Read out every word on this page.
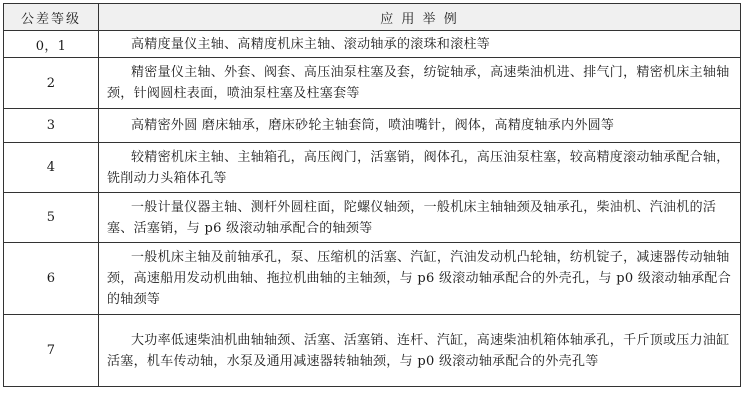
公差等级	应 用 举 例
0，1	高精度量仪主轴、高精度机床主轴、滚动轴承的滚珠和滚柱等

2	精密量仪主轴、外套、阀套、高压油泵柱塞及套，纺锭轴承，高速柴油机进、排气门，精密机床主轴轴颈，针阀圆柱表面，喷油泵柱塞及柱塞套等

3	高精密外圆 磨床轴承，磨床砂轮主轴套筒，喷油嘴针，阀体，高精度轴承内外圆等

4	较精密机床主轴、主轴箱孔，高压阀门，活塞销，阀体孔，高压油泵柱塞，较高精度滚动轴承配合轴，铣削动力头箱体孔等

5	一般计量仪器主轴、测杆外圆柱面，陀螺仪轴颈，一般机床主轴轴颈及轴承孔，柴油机、汽油机的活塞、活塞销，与 p6 级滚动轴承配合的轴颈等

6	一般机床主轴及前轴承孔，泵、压缩机的活塞、汽缸，汽油发动机凸轮轴，纺机锭子，减速器传动轴轴颈，高速船用发动机曲轴、拖拉机曲轴的主轴颈，与 p6 级滚动轴承配合的外壳孔，与 p0 级滚动轴承配合的轴颈等

7	大功率低速柴油机曲轴轴颈、活塞、活塞销、连杆、汽缸，高速柴油机箱体轴承孔，千斤顶或压力油缸活塞，机车传动轴，水泵及通用减速器转轴轴颈，与 p0 级滚动轴承配合的外壳孔等
